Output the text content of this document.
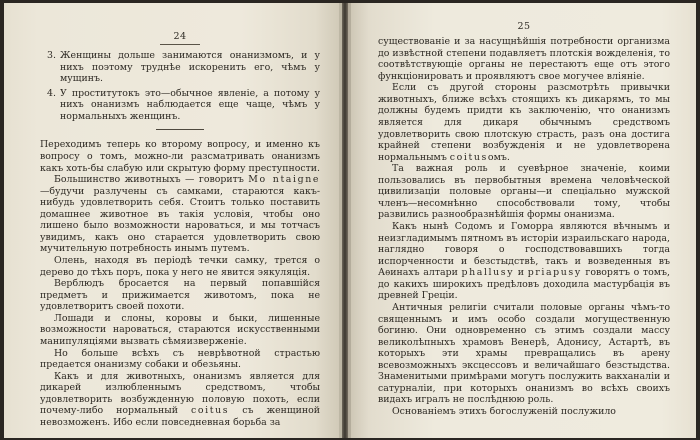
24
3. Женщины дольше занимаются онанизмомъ, и у нихъ поэтому труднѣе искоренить его, чѣмъ у мущинъ.
4. У проститутокъ это—обычное явленіе, а потому у нихъ онанизмъ наблюдается еще чаще, чѣмъ у нормальныхъ женщинъ.

Переходимъ теперь ко второму вопросу, и именно къ вопросу о томъ, можно-ли разсматривать онанизмъ какъ хоть-бы слабую или скрытую форму преступности.

Большинство животныхъ — говоритъ Мо ntaigne—будучи разлучены съ самками, стараются какъ-нибудь удовлетворить себя. Стоитъ только поставить домашнее животное въ такія условія, чтобы оно лишено было возможности нароваться, и мы тотчасъ увидимъ, какъ оно старается удовлетворить свою мучительную потребность инымъ путемъ.

Олень, находя въ періодѣ течки самку, трется о дерево до тѣхъ поръ, пока у него не явится эякуляція.

Верблюдъ бросается на первый попавшійся предметъ и прижимается животомъ, пока не удовлетворитъ своей похоти.

Лошади и слоны, коровы и быки, лишенные возможности нароваться, стараются искусственными манипуляціями вызвать сѣмяизверженіе.

Но больше всѣхъ съ неврѣвотной страстью предается онанизму собаки и обезьяны.

Какъ и для животныхъ, онанизмъ является для дикарей излюбленнымъ средствомъ, чтобы удовлетворить возбужденную половую похоть, если почему-либо нормальный coitus съ женщиной невозможенъ. Ибо если повседневная борьба за

25

существованіе и за насущнѣйшія потребности организма до извѣстной степени подавляетъ плотскія вожделенія, то соотвѣтствующіе органы не перестаютъ еще отъ этого функціонировать и проявляютъ свое могучее вліяніе.

Если съ другой стороны разсмотрѣть привычки животныхъ, ближе всѣхъ стоящихъ къ дикарямъ, то мы должны будемъ придти къ заключенію, что онанизмъ является для дикаря обычнымъ средствомъ удовлетворить свою плотскую страсть, разъ она достига крайней степени возбужденія и не удовлетворена нормальнымъ coitusомъ.

Та важная роль и суевѣрное значеніе, коими пользовались въ первобытныя времена человѣческой цивилизаціи половые органы—и спеціально мужской членъ—несомнѣнно способствовали тому, чтобы развились разнообразнѣйшія формы онанизма.

Какъ нынѣ Содомъ и Гоморра являются вѣчнымъ и неизгладимымъ пятномъ въ исторіи израильскаго народа, наглядно говоря о господствовавшихъ тогда испорченности и безстыдствѣ, такъ и возведенныя въ Аѳинахъ алтари phallusy и priapusy говорятъ о томъ, до какихъ широкихъ предѣловъ доходила мастурбація въ древней Греціи.

Античныя религіи считали половые органы чѣмъ-то священнымъ и имъ особо создали могущественную богиню. Они одновременно съ этимъ создали массу великолѣпныхъ храмовъ Венерѣ, Адонису, Астартѣ, въ которыхъ эти храмы превращались въ арену всевозможныхъ эксцессовъ и величайшаго безстыдства. Знаменитыми примѣрами могутъ послужить вакханаліи и сатурналіи, при которыхъ онанизмъ во всѣхъ своихъ видахъ игралъ не послѣднюю роль.

Основаніемъ этихъ богослуженій послужило
